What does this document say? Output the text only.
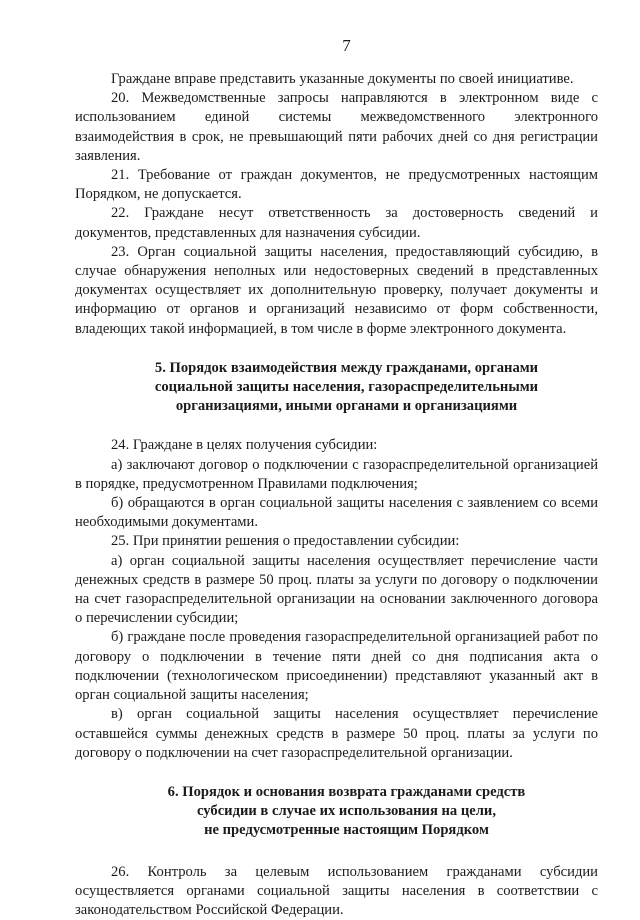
7

Граждане вправе представить указанные документы по своей инициативе.

20. Межведомственные запросы направляются в электронном виде с использованием единой системы межведомственного электронного взаимодействия в срок, не превышающий пяти рабочих дней со дня регистрации заявления.

21. Требование от граждан документов, не предусмотренных настоящим Порядком, не допускается.

22. Граждане несут ответственность за достоверность сведений и документов, представленных для назначения субсидии.

23. Орган социальной защиты населения, предоставляющий субсидию, в случае обнаружения неполных или недостоверных сведений в представленных документах осуществляет их дополнительную проверку, получает документы и информацию от органов и организаций независимо от форм собственности, владеющих такой информацией, в том числе в форме электронного документа.

5. Порядок взаимодействия между гражданами, органами

социальной защиты населения, газораспределительными

организациями, иными органами и организациями

24. Граждане в целях получения субсидии:

а) заключают договор о подключении с газораспределительной организацией в порядке, предусмотренном Правилами подключения;

б) обращаются в орган социальной защиты населения с заявлением со всеми необходимыми документами.

25. При принятии решения о предоставлении субсидии:

а) орган социальной защиты населения осуществляет перечисление части денежных средств в размере 50 проц. платы за услуги по договору о подключении на счет газораспределительной организации на основании заключенного договора о перечислении субсидии;

б) граждане после проведения газораспределительной организацией работ по договору о подключении в течение пяти дней со дня подписания акта о подключении (технологическом присоединении) представляют указанный акт в орган социальной защиты населения;

в) орган социальной защиты населения осуществляет перечисление оставшейся суммы денежных средств в размере 50 проц. платы за услуги по договору о подключении на счет газораспределительной организации.

6. Порядок и основания возврата гражданами средств

субсидии в случае их использования на цели,

не предусмотренные настоящим Порядком

26. Контроль за целевым использованием гражданами субсидии осуществляется органами социальной защиты населения в соответствии с законодательством Российской Федерации.
